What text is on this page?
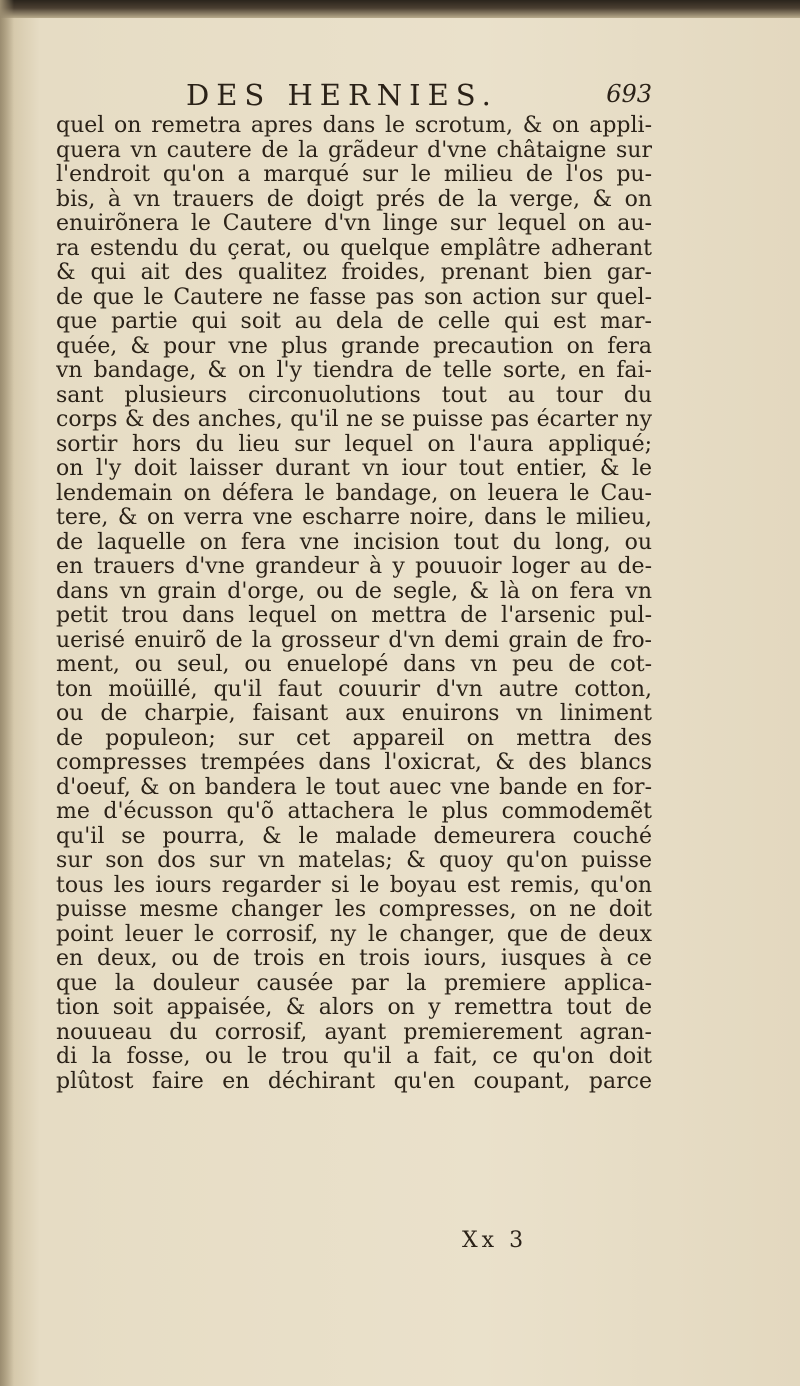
DES HERNIES.	693
quel on remetra apres dans le scrotum, & on appli-
quera vn cautere de la grãdeur d'vne châtaigne sur
l'endroit qu'on a marqué sur le milieu de l'os pu-
bis, à vn trauers de doigt prés de la verge, & on
enuirõnera le Cautere d'vn linge sur lequel on au-
ra estendu du çerat, ou quelque emplâtre adherant
& qui ait des qualitez froides, prenant bien gar-
de que le Cautere ne fasse pas son action sur quel-
que partie qui soit au dela de celle qui est mar-
quée, & pour vne plus grande precaution on fera
vn bandage, & on l'y tiendra de telle sorte, en fai-
sant plusieurs circonuolutions tout au tour du
corps & des anches, qu'il ne se puisse pas écarter ny
sortir hors du lieu sur lequel on l'aura appliqué;
on l'y doit laisser durant vn iour tout entier, & le
lendemain on défera le bandage, on leuera le Cau-
tere, & on verra vne escharre noire, dans le milieu,
de laquelle on fera vne incision tout du long, ou
en trauers d'vne grandeur à y pouuoir loger au de-
dans vn grain d'orge, ou de segle, & là on fera vn
petit trou dans lequel on mettra de l'arsenic pul-
uerisé enuirõ de la grosseur d'vn demi grain de fro-
ment, ou seul, ou enuelopé dans vn peu de cot-
ton moüillé, qu'il faut couurir d'vn autre cotton,
ou de charpie, faisant aux enuirons vn liniment
de populeon; sur cet appareil on mettra des
compresses trempées dans l'oxicrat, & des blancs
d'oeuf, & on bandera le tout auec vne bande en for-
me d'écusson qu'õ attachera le plus commodemẽt
qu'il se pourra, & le malade demeurera couché
sur son dos sur vn matelas; & quoy qu'on puisse
tous les iours regarder si le boyau est remis, qu'on
puisse mesme changer les compresses, on ne doit
point leuer le corrosif, ny le changer, que de deux
en deux, ou de trois en trois iours, iusques à ce
que la douleur causée par la premiere applica-
tion soit appaisée, & alors on y remettra tout de
nouueau du corrosif, ayant premierement agran-
di la fosse, ou le trou qu'il a fait, ce qu'on doit
plûtost faire en déchirant qu'en coupant, parce
Xx 3
